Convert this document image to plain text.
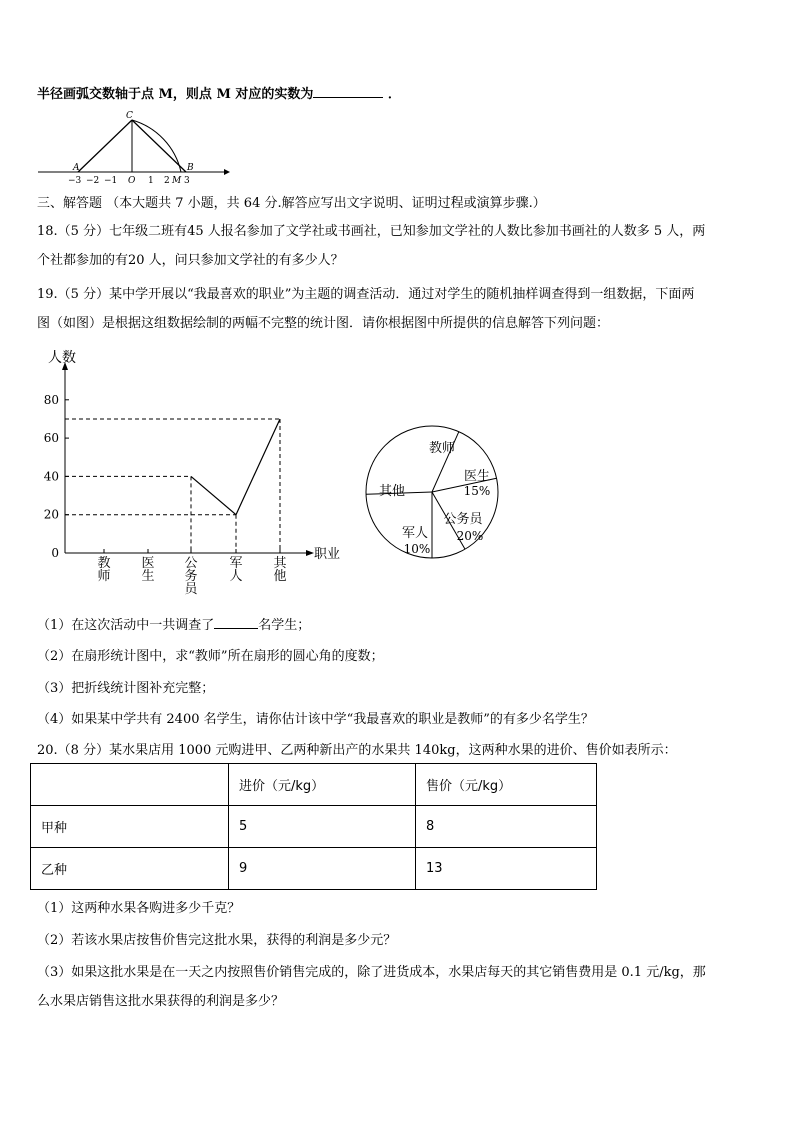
半径画弧交数轴于点 M，则点 M 对应的实数为	．
A
C
B
−3 −2 −1 O 1 2 M 3
三、解答题 （本大题共 7 小题，共 64 分.解答应写出文字说明、证明过程或演算步骤.）
18.（5 分）七年级二班有45 人报名参加了文学社或书画社，已知参加文学社的人数比参加书画社的人数多 5 人，两
个社都参加的有20 人，问只参加文学社的有多少人？
19.（5 分）某中学开展以“我最喜欢的职业”为主题的调查活动．通过对学生的随机抽样调查得到一组数据，下面两
图（如图）是根据这组数据绘制的两幅不完整的统计图．请你根据图中所提供的信息解答下列问题：
人数
职业
0
20
40
60
80
教
师
医
生
公
务
员
军
人
其
他
教师
医生
15%
公务员
20%
军人
10%
其他
（1）在这次活动中一共调查了	名学生；
（2）在扇形统计图中，求“教师”所在扇形的圆心角的度数；
（3）把折线统计图补充完整；
（4）如果某中学共有 2400 名学生，请你估计该中学“我最喜欢的职业是教师”的有多少名学生？
20.（8 分）某水果店用 1000 元购进甲、乙两种新出产的水果共 140kg，这两种水果的进价、售价如表所示：
	进价（元/kg）	售价（元/kg）
甲种	5	8
乙种	9	13
（1）这两种水果各购进多少千克？
（2）若该水果店按售价售完这批水果，获得的利润是多少元？
（3）如果这批水果是在一天之内按照售价销售完成的，除了进货成本，水果店每天的其它销售费用是 0.1 元/kg，那
么水果店销售这批水果获得的利润是多少？
